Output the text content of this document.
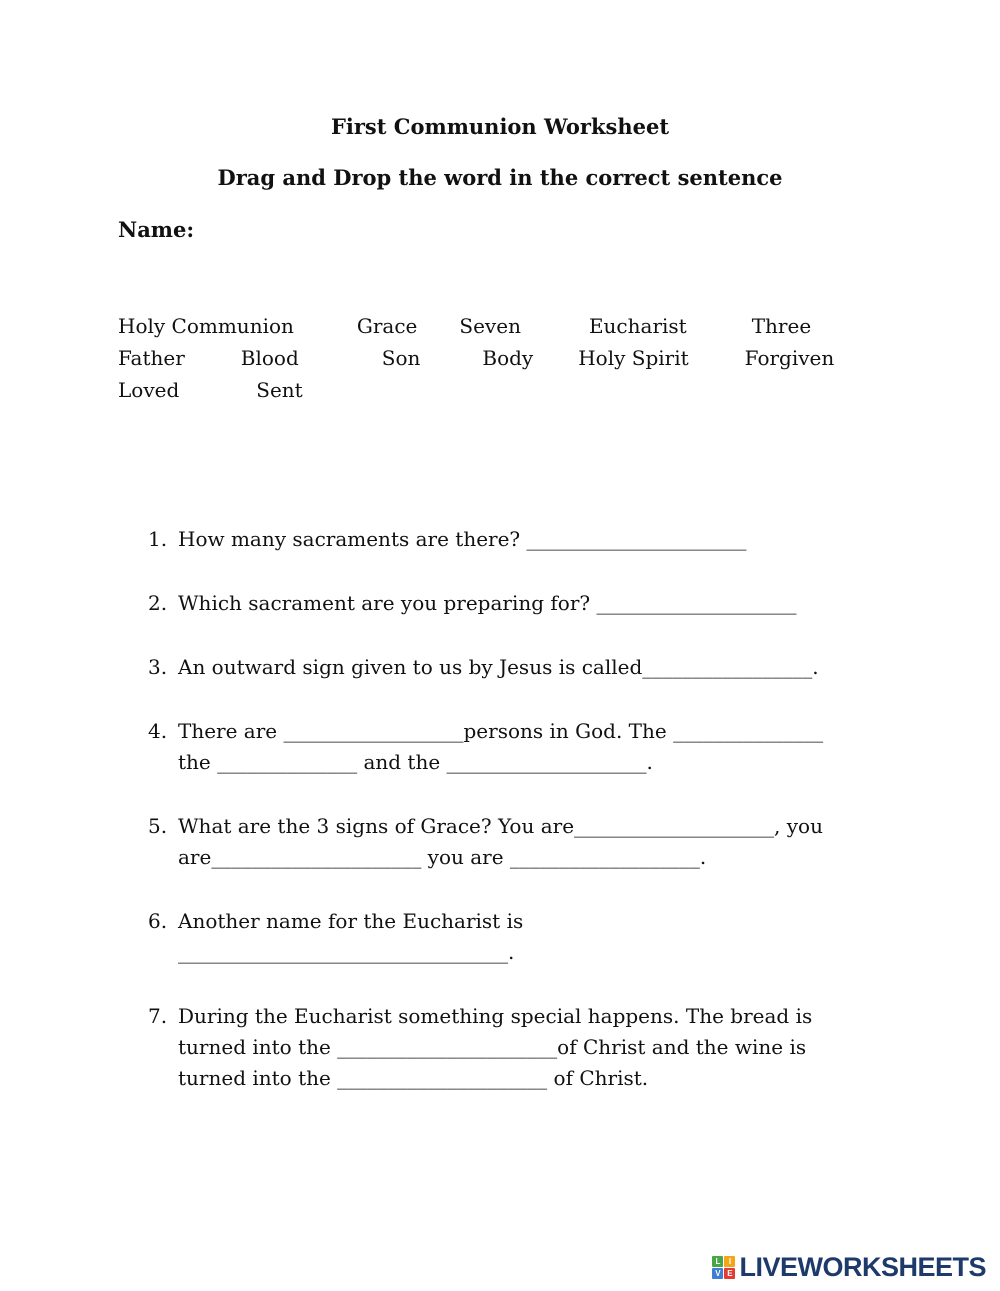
First Communion Worksheet
Drag and Drop the word in the correct sentence
Name:
Holy Communion	Grace Seven	Eucharist	Three
Father	Blood	Son	Body Holy Spirit	Forgiven
Loved	Sent
1. How many sacraments are there? ______________________
2. Which sacrament are you preparing for? ____________________
3. An outward sign given to us by Jesus is called_________________.
4. There are __________________persons in God. The _______________
the ______________ and the ____________________.
5. What are the 3 signs of Grace? You are____________________, you
are_____________________ you are ___________________.
6. Another name for the Eucharist is
_________________________________.
7. During the Eucharist something special happens. The bread is
turned into the ______________________of Christ and the wine is
turned into the _____________________ of Christ.
L	I
V E LIVEWORKSHEETS
